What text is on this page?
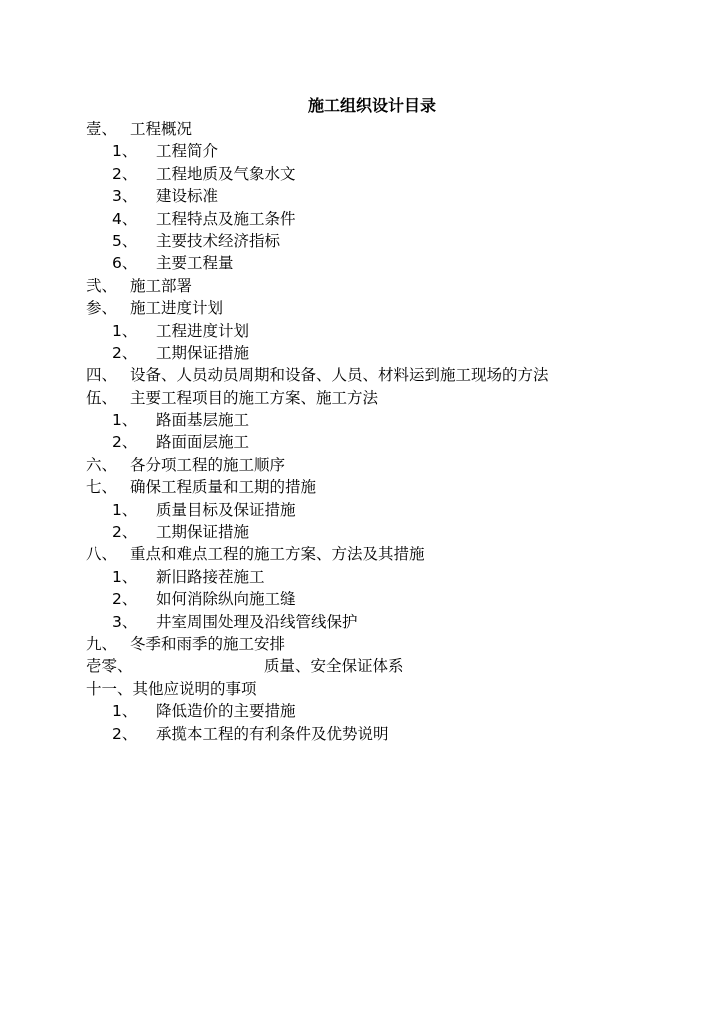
施工组织设计目录
壹、 工程概况
1、 工程简介
2、 工程地质及气象水文
3、 建设标准
4、 工程特点及施工条件
5、 主要技术经济指标
6、 主要工程量
弐、 施工部署
参、 施工进度计划
1、 工程进度计划
2、 工期保证措施
四、 设备、人员动员周期和设备、人员、材料运到施工现场的方法
伍、 主要工程项目的施工方案、施工方法
1、 路面基层施工
2、 路面面层施工
六、 各分项工程的施工顺序
七、 确保工程质量和工期的措施
1、 质量目标及保证措施
2、 工期保证措施
八、 重点和难点工程的施工方案、方法及其措施
1、 新旧路接茬施工
2、 如何消除纵向施工缝
3、 井室周围处理及沿线管线保护
九、 冬季和雨季的施工安排
壱零、	质量、安全保证体系
十一、其他应说明的事项
1、 降低造价的主要措施
2、 承揽本工程的有利条件及优势说明
